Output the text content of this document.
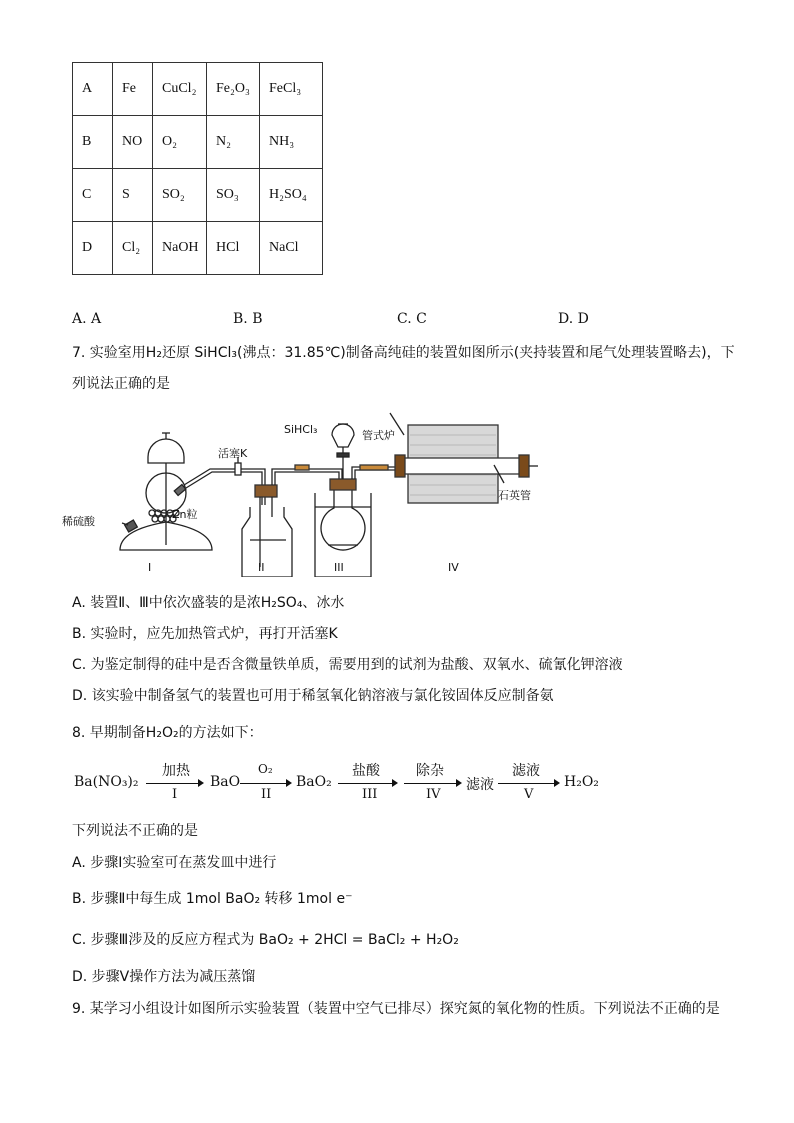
A	Fe	CuCl₂	Fe₂O₃	FeCl₃
B	NO	O₂	N₂	NH₃
C	S	SO₂	SO₃	H₂SO₄
D	Cl₂	NaOH	HCl	NaCl
A. A	B. B	C. C	D. D
7. 实验室用H₂还原 SiHCl₃(沸点：31.85℃)制备高纯硅的装置如图所示(夹持装置和尾气处理装置略去)，下
列说法正确的是
稀硫酸
Zn粒
活塞K
SiHCl₃	管式炉
石英管
I	II	III	IV
A. 装置Ⅱ、Ⅲ中依次盛装的是浓H₂SO₄、冰水
B. 实验时，应先加热管式炉，再打开活塞K
C. 为鉴定制得的硅中是否含微量铁单质，需要用到的试剂为盐酸、双氧水、硫氰化钾溶液
D. 该实验中制备氢气的装置也可用于稀氢氧化钠溶液与氯化铵固体反应制备氨
8. 早期制备H₂O₂的方法如下：
Ba(NO₃)₂
加热
I
BaO
O₂
II
BaO₂
盐酸
III
除杂
IV
滤液
滤液
V
H₂O₂
下列说法不正确的是
A. 步骤Ⅰ实验室可在蒸发皿中进行
B. 步骤Ⅱ中每生成 1mol BaO₂ 转移 1mol e⁻
C. 步骤Ⅲ涉及的反应方程式为 BaO₂ + 2HCl = BaCl₂ + H₂O₂
D. 步骤Ⅴ操作方法为减压蒸馏
9. 某学习小组设计如图所示实验装置（装置中空气已排尽）探究氮的氧化物的性质。下列说法不正确的是
